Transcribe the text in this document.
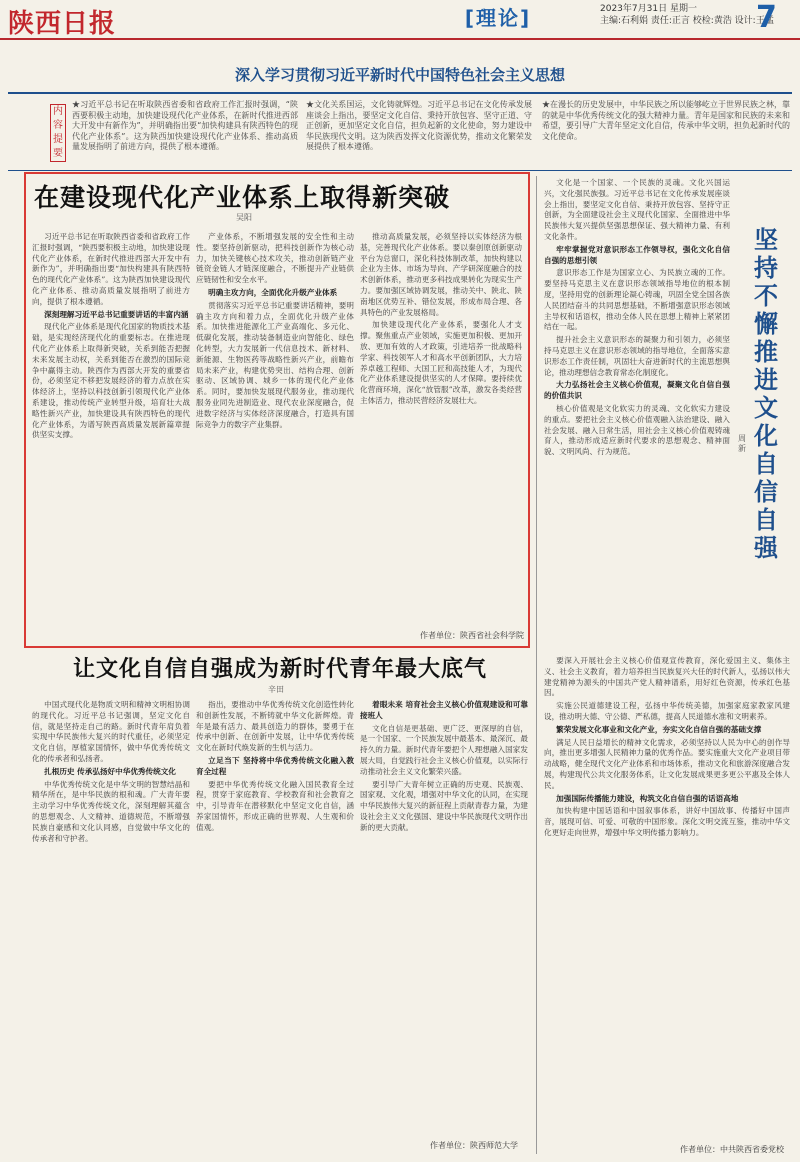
陕西日报	[理论]	2023年7月31日 星期一
主编:石利娟 责任:正言 校检:黄浩 设计:王猛
7
深入学习贯彻习近平新时代中国特色社会主义思想
内容提要
★习近平总书记在听取陕西省委和省政府工作汇报时强调，“陕西要积极主动地，加快建设现代化产业体系，在新时代推进西部大开发中有新作为”，并明确指出要“加快构建具有陕西特色的现代化产业体系”。这为陕西加快建设现代化产业体系、推动高质量发展指明了前进方向，提供了根本遵循。
★文化关系国运，文化铸就辉煌。习近平总书记在文化传承发展座谈会上指出，要坚定文化自信、秉持开放包容、坚守正道、守正创新，更加坚定文化自信，担负起新的文化使命，努力建设中华民族现代文明。这为陕西发挥文化资源优势，推动文化繁荣发展提供了根本遵循。
★在漫长的历史发展中，中华民族之所以能够屹立于世界民族之林，靠的就是中华优秀传统文化的强大精神力量。青年是国家和民族的未来和希望，要引导广大青年坚定文化自信，传承中华文明，担负起新时代的文化使命。
在建设现代化产业体系上取得新突破
吴阳

习近平总书记在听取陕西省委和省政府工作汇报时强调，“陕西要积极主动地，加快建设现代化产业体系，在新时代推进西部大开发中有新作为”，并明确指出要“加快构建具有陕西特色的现代化产业体系”。这为陕西加快建设现代化产业体系、推动高质量发展指明了前进方向，提供了根本遵循。

深刻理解习近平总书记重要讲话的丰富内涵

现代化产业体系是现代化国家的物质技术基础，是实现经济现代化的重要标志。在推进现代化产业体系上取得新突破，关系到能否把握未来发展主动权，关系到能否在激烈的国际竞争中赢得主动。陕西作为西部大开发的重要省份，必须坚定不移把发展经济的着力点放在实体经济上，坚持以科技创新引领现代化产业体系建设，推动传统产业转型升级，培育壮大战略性新兴产业，加快建设具有陕西特色的现代化产业体系，为谱写陕西高质量发展新篇章提供坚实支撑。

产业体系，不断增强发展的安全性和主动性。要坚持创新驱动，把科技创新作为核心动力，加快关键核心技术攻关，推动创新链产业链资金链人才链深度融合，不断提升产业链供应链韧性和安全水平。

明确主攻方向，全面优化升级产业体系

贯彻落实习近平总书记重要讲话精神，要明确主攻方向和着力点，全面优化升级产业体系。加快推进能源化工产业高端化、多元化、低碳化发展，推动装备制造业向智能化、绿色化转型，大力发展新一代信息技术、新材料、新能源、生物医药等战略性新兴产业，前瞻布局未来产业，构建优势突出、结构合理、创新驱动、区域协调、城乡一体的现代化产业体系。同时，要加快发展现代服务业，推动现代服务业同先进制造业、现代农业深度融合，促进数字经济与实体经济深度融合，打造具有国际竞争力的数字产业集群。

推动高质量发展，必须坚持以实体经济为根基，完善现代化产业体系。要以秦创原创新驱动平台为总窗口，深化科技体制改革，加快构建以企业为主体、市场为导向、产学研深度融合的技术创新体系，推动更多科技成果转化为现实生产力。要加强区域协调发展，推动关中、陕北、陕南地区优势互补、错位发展，形成布局合理、各具特色的产业发展格局。

加快建设现代化产业体系，要强化人才支撑。聚焦重点产业领域，实施更加积极、更加开放、更加有效的人才政策，引进培养一批战略科学家、科技领军人才和高水平创新团队，大力培养卓越工程师、大国工匠和高技能人才，为现代化产业体系建设提供坚实的人才保障。要持续优化营商环境，深化“放管服”改革，激发各类经营主体活力，推动民营经济发展壮大。

作者单位：陕西省社会科学院
让文化自信自强成为新时代青年最大底气
辛田

中国式现代化是物质文明和精神文明相协调的现代化。习近平总书记强调，坚定文化自信，就是坚持走自己的路。新时代青年肩负着实现中华民族伟大复兴的时代重任，必须坚定文化自信，厚植家国情怀，做中华优秀传统文化的传承者和弘扬者。

扎根历史 传承弘扬好中华优秀传统文化

中华优秀传统文化是中华文明的智慧结晶和精华所在，是中华民族的根和魂。广大青年要主动学习中华优秀传统文化，深刻理解其蕴含的思想观念、人文精神、道德规范，不断增强民族自豪感和文化认同感，自觉做中华文化的传承者和守护者。

指出，要推动中华优秀传统文化创造性转化和创新性发展，不断铸就中华文化新辉煌。青年是最有活力、最具创造力的群体，要勇于在传承中创新、在创新中发展，让中华优秀传统文化在新时代焕发新的生机与活力。

立足当下 坚持将中华优秀传统文化融入教育全过程

要把中华优秀传统文化融入国民教育全过程，贯穿于家庭教育、学校教育和社会教育之中，引导青年在潜移默化中坚定文化自信，涵养家国情怀，形成正确的世界观、人生观和价值观。

着眼未来 培育社会主义核心价值观建设和可靠接班人

文化自信是更基础、更广泛、更深厚的自信，是一个国家、一个民族发展中最基本、最深沉、最持久的力量。新时代青年要把个人理想融入国家发展大局，自觉践行社会主义核心价值观，以实际行动推动社会主义文化繁荣兴盛。

要引导广大青年树立正确的历史观、民族观、国家观、文化观，增强对中华文化的认同，在实现中华民族伟大复兴的新征程上贡献青春力量，为建设社会主义文化强国、建设中华民族现代文明作出新的更大贡献。

作者单位：陕西师范大学
坚持不懈推进文化自信自强
周新

文化是一个国家、一个民族的灵魂。文化兴国运兴，文化强民族强。习近平总书记在文化传承发展座谈会上指出，要坚定文化自信、秉持开放包容、坚持守正创新，为全面建设社会主义现代化国家、全面推进中华民族伟大复兴提供坚强思想保证、强大精神力量、有利文化条件。

牢牢掌握党对意识形态工作领导权，强化文化自信自强的思想引领

意识形态工作是为国家立心、为民族立魂的工作。要坚持马克思主义在意识形态领域指导地位的根本制度，坚持用党的创新理论凝心铸魂，巩固全党全国各族人民团结奋斗的共同思想基础，不断增强意识形态领域主导权和话语权，推动全体人民在思想上精神上紧紧团结在一起。

提升社会主义意识形态的凝聚力和引领力，必须坚持马克思主义在意识形态领域的指导地位，全面落实意识形态工作责任制，巩固壮大奋进新时代的主流思想舆论，推动理想信念教育常态化制度化。

大力弘扬社会主义核心价值观，凝聚文化自信自强的价值共识

核心价值观是文化软实力的灵魂、文化软实力建设的重点。要把社会主义核心价值观融入法治建设、融入社会发展、融入日常生活，用社会主义核心价值观铸魂育人，推动形成适应新时代要求的思想观念、精神面貌、文明风尚、行为规范。

要深入开展社会主义核心价值观宣传教育，深化爱国主义、集体主义、社会主义教育，着力培养担当民族复兴大任的时代新人，弘扬以伟大建党精神为源头的中国共产党人精神谱系，用好红色资源，传承红色基因。

实施公民道德建设工程，弘扬中华传统美德，加强家庭家教家风建设，推动明大德、守公德、严私德，提高人民道德水准和文明素养。

繁荣发展文化事业和文化产业，夯实文化自信自强的基础支撑

满足人民日益增长的精神文化需求，必须坚持以人民为中心的创作导向，推出更多增强人民精神力量的优秀作品。要实施重大文化产业项目带动战略，健全现代文化产业体系和市场体系，推动文化和旅游深度融合发展，构建现代公共文化服务体系，让文化发展成果更多更公平惠及全体人民。

加强国际传播能力建设，构筑文化自信自强的话语高地

加快构建中国话语和中国叙事体系，讲好中国故事、传播好中国声音，展现可信、可爱、可敬的中国形象。深化文明交流互鉴，推动中华文化更好走向世界，增强中华文明传播力影响力。

作者单位：中共陕西省委党校
